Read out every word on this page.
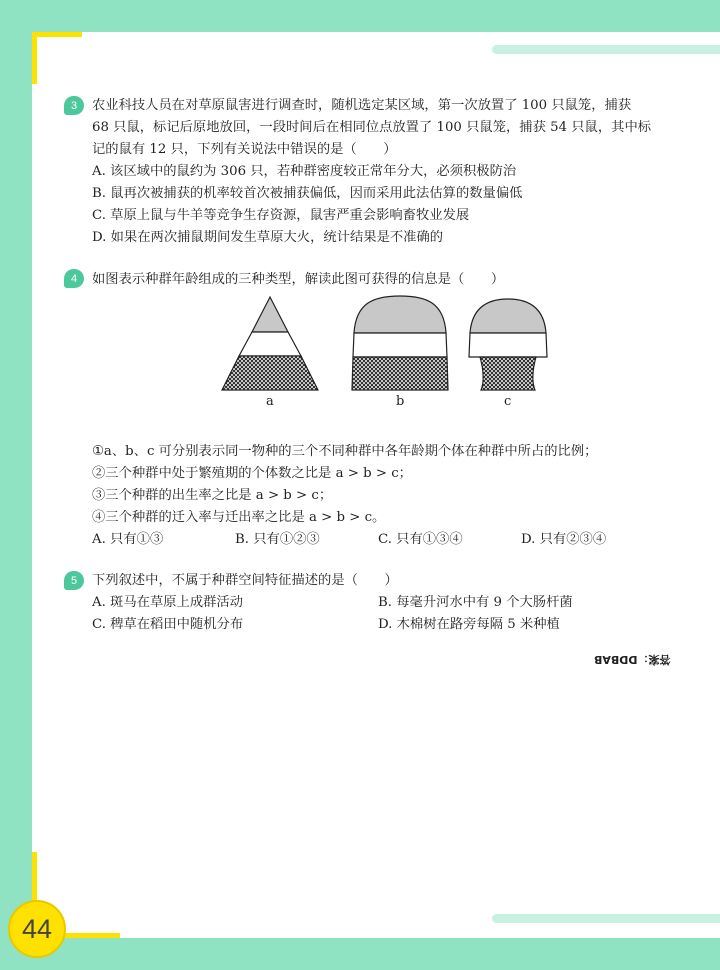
3	农业科技人员在对草原鼠害进行调查时，随机选定某区域，第一次放置了 100 只鼠笼，捕获
68 只鼠，标记后原地放回，一段时间后在相同位点放置了 100 只鼠笼，捕获 54 只鼠，其中标
记的鼠有 12 只，下列有关说法中错误的是（　　）
A. 该区域中的鼠约为 306 只，若种群密度较正常年分大，必须积极防治
B. 鼠再次被捕获的机率较首次被捕获偏低，因而采用此法估算的数量偏低
C. 草原上鼠与牛羊等竞争生存资源，鼠害严重会影响畜牧业发展
D. 如果在两次捕鼠期间发生草原大火，统计结果是不准确的
4	如图表示种群年龄组成的三种类型，解读此图可获得的信息是（　　）
a	b	c
①a、b、c 可分别表示同一物种的三个不同种群中各年龄期个体在种群中所占的比例；
②三个种群中处于繁殖期的个体数之比是 a > b > c；
③三个种群的出生率之比是 a > b > c；
④三个种群的迁入率与迁出率之比是 a > b > c。
A. 只有①③	B. 只有①②③	C. 只有①③④	D. 只有②③④
5	下列叙述中，不属于种群空间特征描述的是（　　）
A. 斑马在草原上成群活动	B. 每毫升河水中有 9 个大肠杆菌
C. 稗草在稻田中随机分布	D. 木棉树在路旁每隔 5 米种植
答案：DDBAB
44
